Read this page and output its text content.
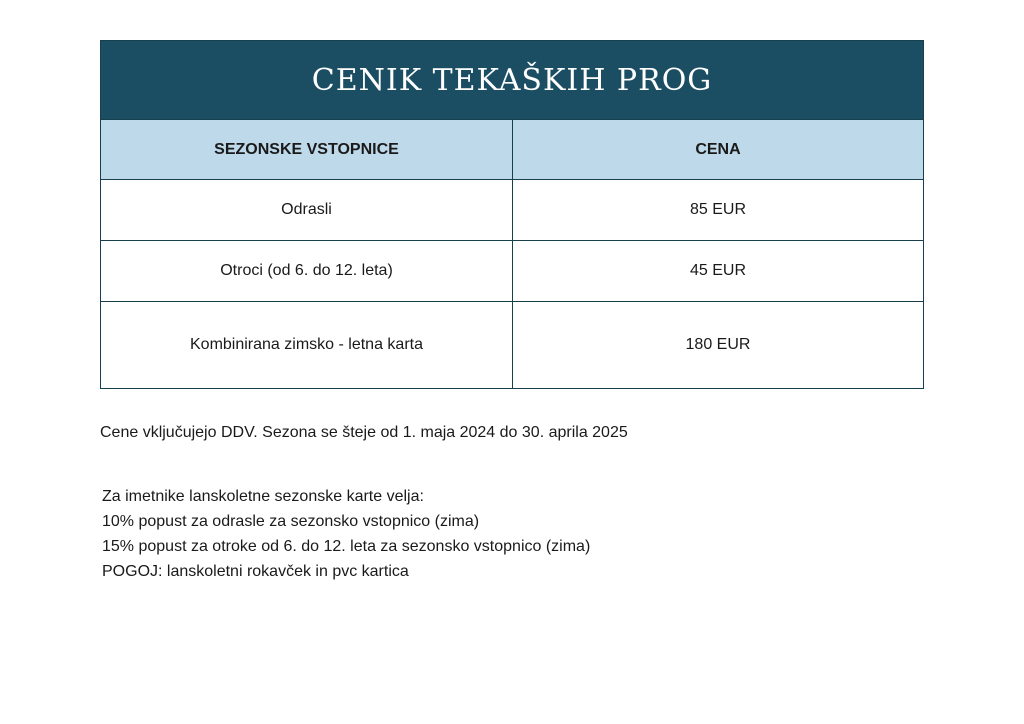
CENIK TEKAŠKIH PROG
SEZONSKE VSTOPNICE	CENA
Odrasli	85 EUR
Otroci (od 6. do 12. leta)	45 EUR
Kombinirana zimsko - letna karta	180 EUR
Cene vključujejo DDV. Sezona se šteje od 1. maja 2024 do 30. aprila 2025
Za imetnike lanskoletne sezonske karte velja:
10% popust za odrasle za sezonsko vstopnico (zima)
15% popust za otroke od 6. do 12. leta za sezonsko vstopnico (zima)
POGOJ: lanskoletni rokavček in pvc kartica
